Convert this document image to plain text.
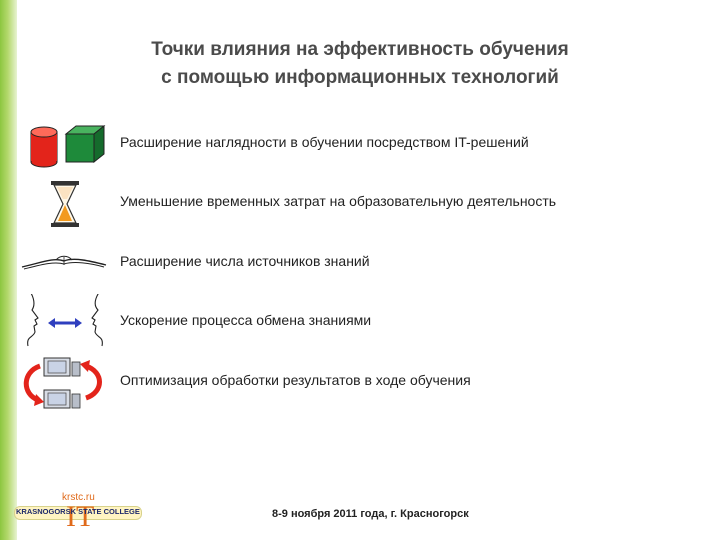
Точки влияния на эффективность обучения
с помощью информационных технологий
Расширение наглядности в обучении посредством IT-решений
Уменьшение временных затрат на образовательную деятельность
Расширение числа источников знаний
Ускорение процесса обмена знаниями
Оптимизация обработки результатов в ходе обучения
krstc.ru
IT
KRASNOGORSK STATE COLLEGE	8-9 ноября 2011 года, г. Красногорск
